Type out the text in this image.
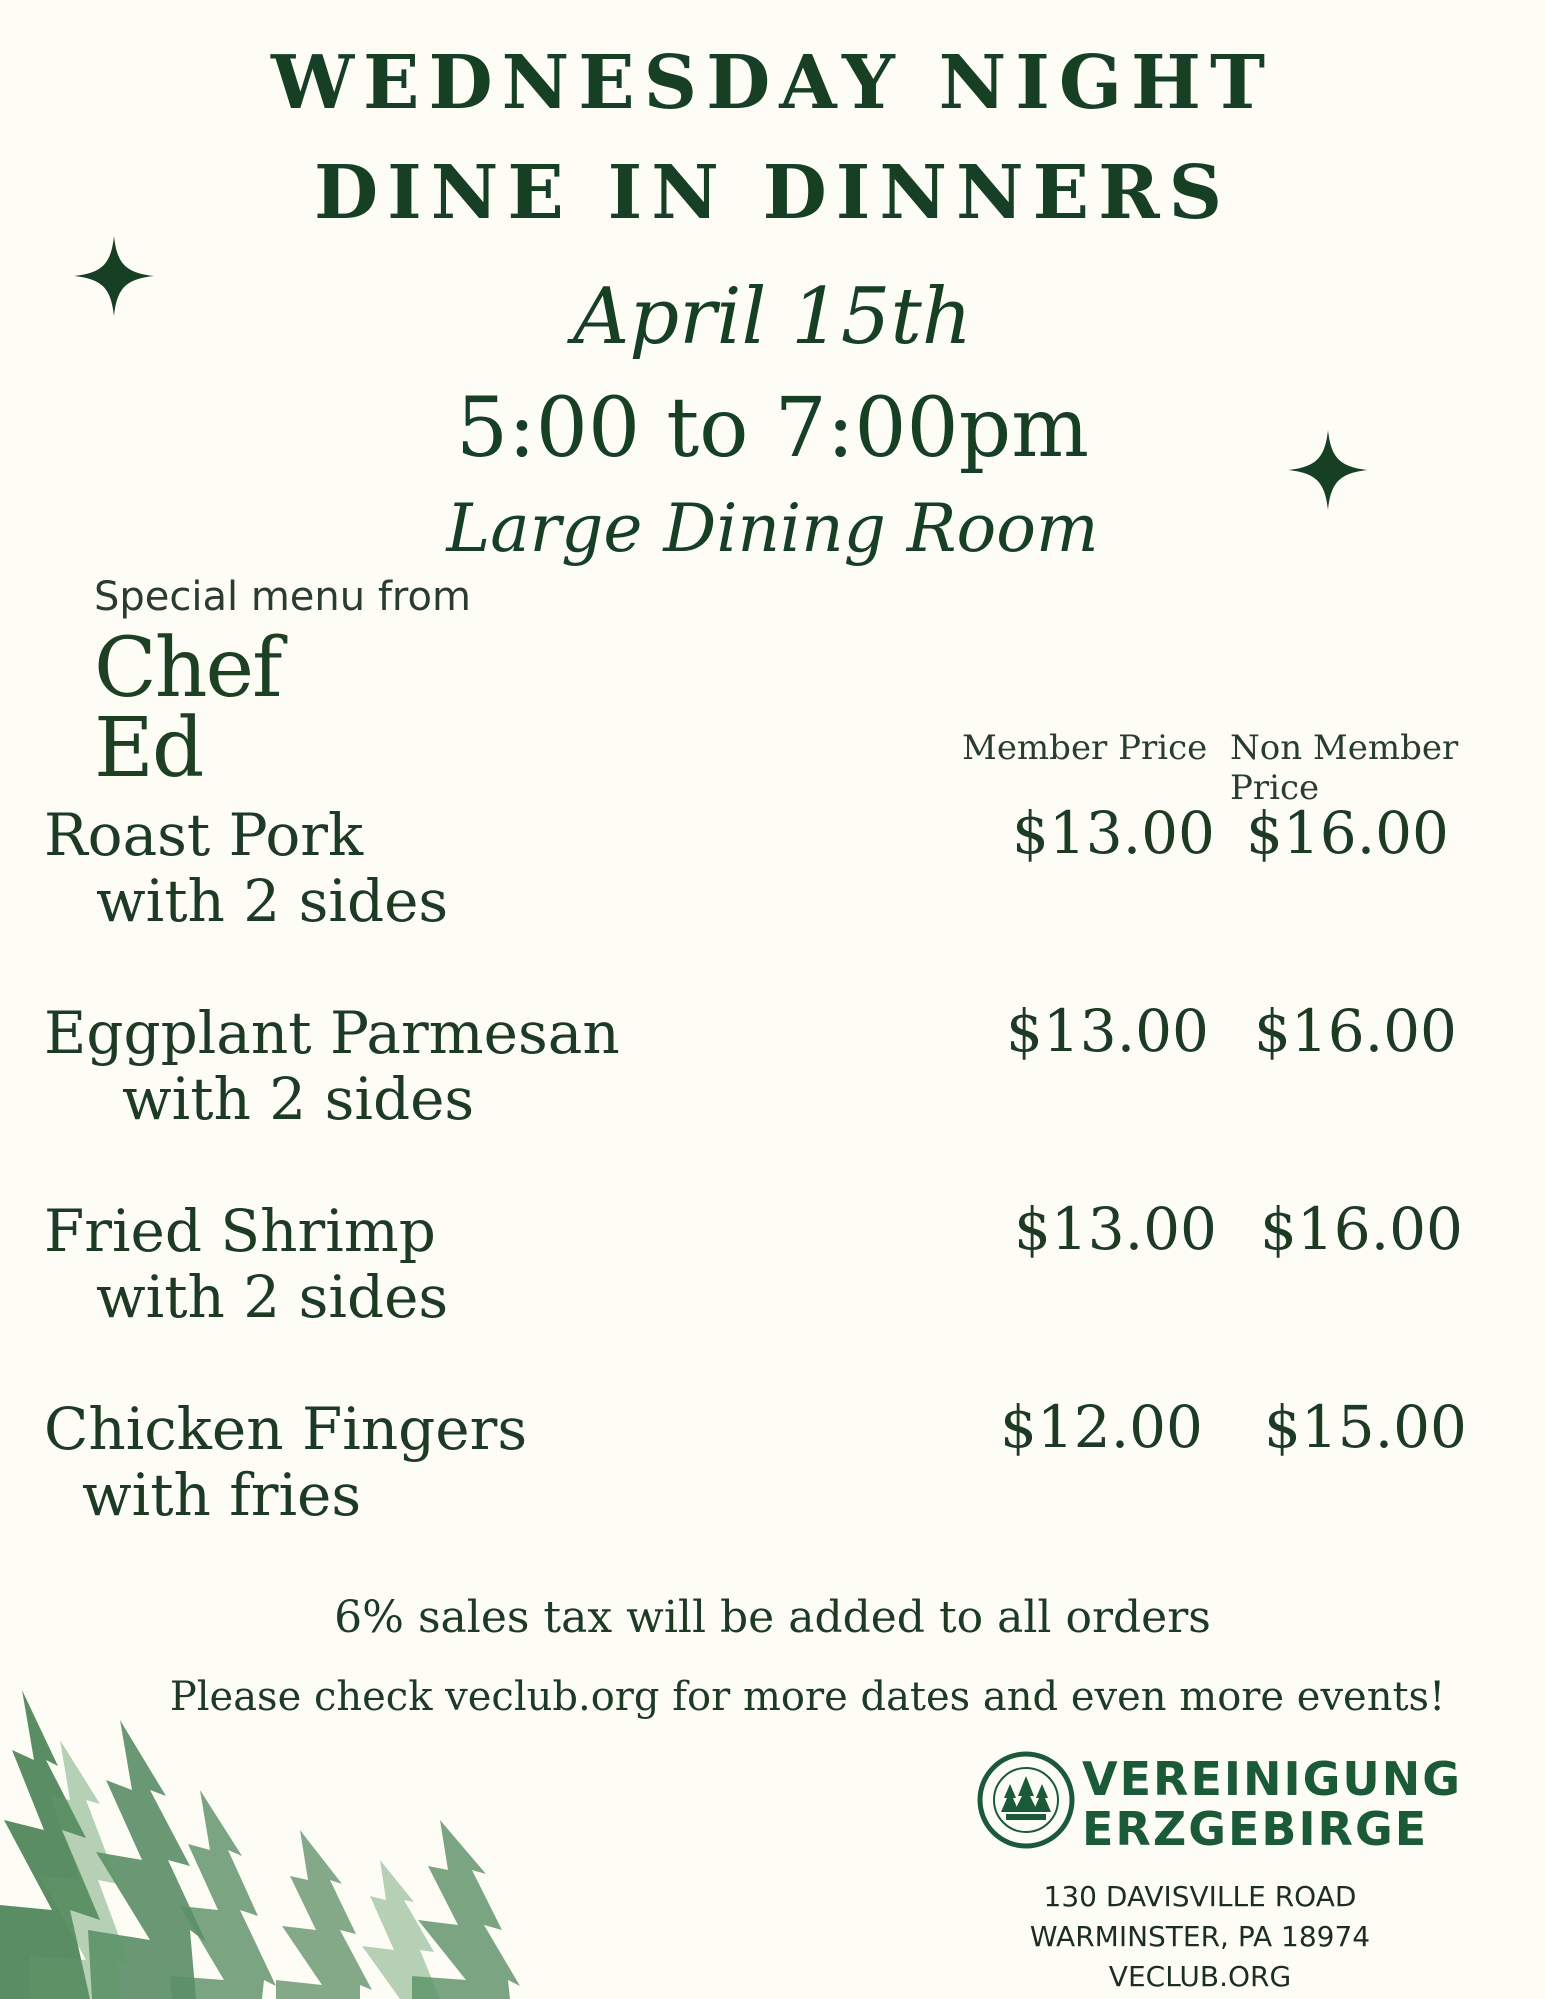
WEDNESDAY NIGHT
DINE IN DINNERS
April 15th
5:00 to 7:00pm
Large Dining Room
Special menu from
Chef
Ed	Member Price Non Member Price
Roast Pork
with 2 sides
$13.00 $16.00
Eggplant Parmesan
with 2 sides
$13.00 $16.00
Fried Shrimp
with 2 sides
$13.00 $16.00
Chicken Fingers
with fries
$12.00 $15.00
6% sales tax will be added to all orders
Please check veclub.org for more dates and even more events!
VEREINIGUNG
ERZGEBIRGE
130 DAVISVILLE ROAD
WARMINSTER, PA 18974
VECLUB.ORG
